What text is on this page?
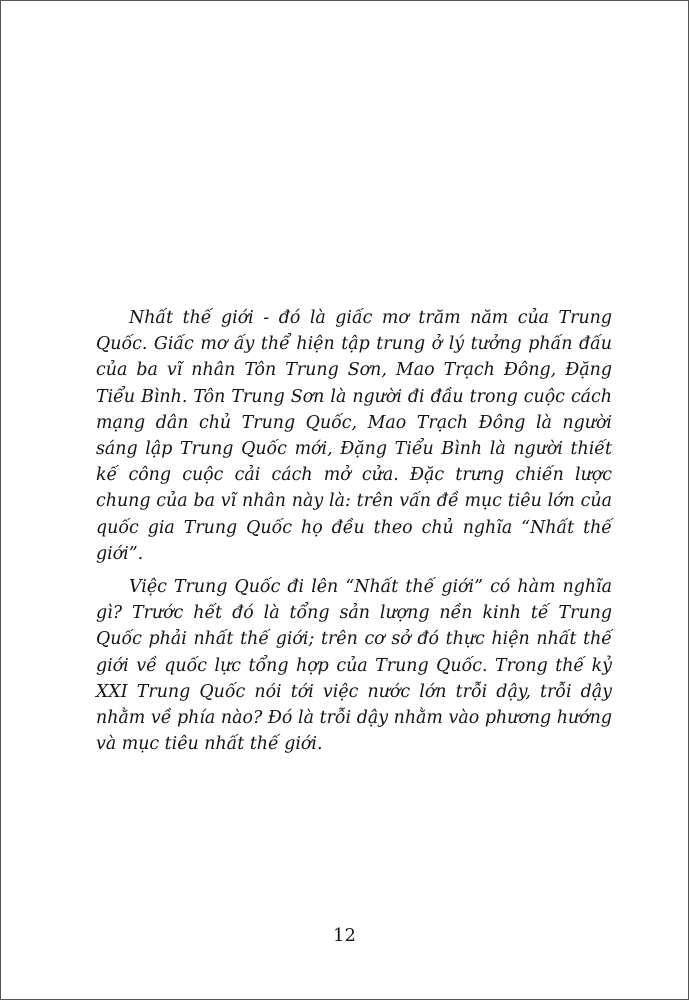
Nhất thế giới - đó là giấc mơ trăm năm của Trung Quốc. Giấc mơ ấy thể hiện tập trung ở lý tưởng phấn đấu của ba vĩ nhân Tôn Trung Sơn, Mao Trạch Đông, Đặng Tiểu Bình. Tôn Trung Sơn là người đi đầu trong cuộc cách mạng dân chủ Trung Quốc, Mao Trạch Đông là người sáng lập Trung Quốc mới, Đặng Tiểu Bình là người thiết kế công cuộc cải cách mở cửa. Đặc trưng chiến lược chung của ba vĩ nhân này là: trên vấn đề mục tiêu lớn của quốc gia Trung Quốc họ đều theo chủ nghĩa “Nhất thế giới”.

Việc Trung Quốc đi lên “Nhất thế giới” có hàm nghĩa gì? Trước hết đó là tổng sản lượng nền kinh tế Trung Quốc phải nhất thế giới; trên cơ sở đó thực hiện nhất thế giới về quốc lực tổng hợp của Trung Quốc. Trong thế kỷ XXI Trung Quốc nói tới việc nước lớn trỗi dậy, trỗi dậy nhằm về phía nào? Đó là trỗi dậy nhằm vào phương hướng và mục tiêu nhất thế giới.

12
